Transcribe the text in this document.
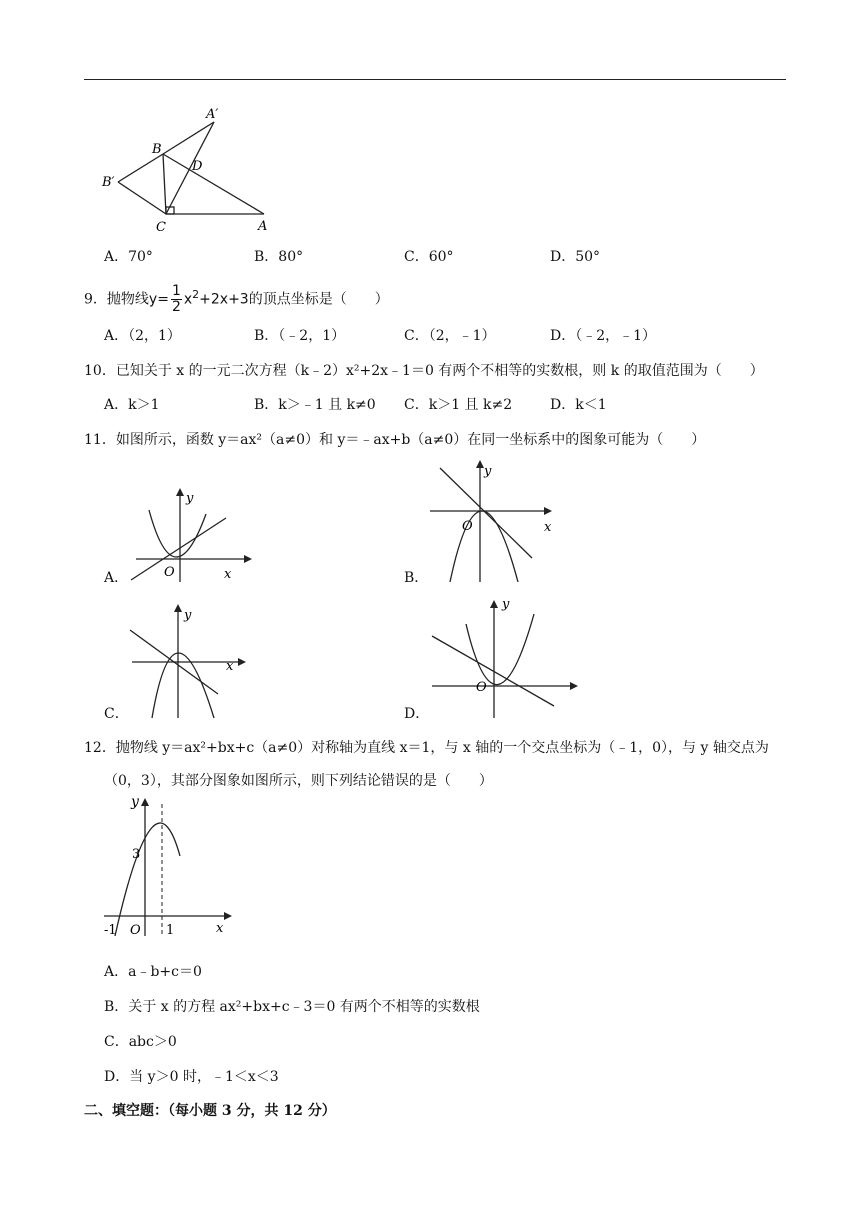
A′
B
D
B′
C	A
A．70°	B．80°	C．60°	D．50°
9．抛物线$y= \frac{1}{2} x^2+2x+3$的顶点坐标是（　　）
A．（2，1）	B．（﹣2，1）	C．（2，﹣1）	D．（﹣2，﹣1）
10．已知关于 x 的一元二次方程（k﹣2）x²+2x﹣1＝0 有两个不相等的实数根，则 k 的取值范围为（　　）
A．k＞1	B．k＞﹣1 且 k≠0 C．k＞1 且 k≠2	D．k＜1
11．如图所示，函数 y＝ax²（a≠0）和 y＝﹣ax+b（a≠0）在同一坐标系中的图象可能为（　　）
y
x
O
A．
y
x
O
B．
y
x
C．
y
O
D．
12．抛物线 y＝ax²+bx+c（a≠0）对称轴为直线 x＝1，与 x 轴的一个交点坐标为（﹣1，0），与 y 轴交点为
（0，3），其部分图象如图所示，则下列结论错误的是（　　）
y
3
-1 O 1	x
A．a﹣b+c＝0
B．关于 x 的方程 ax²+bx+c﹣3＝0 有两个不相等的实数根
C．abc＞0
D．当 y＞0 时，﹣1＜x＜3
二、填空题：（每小题 3 分，共 12 分）
